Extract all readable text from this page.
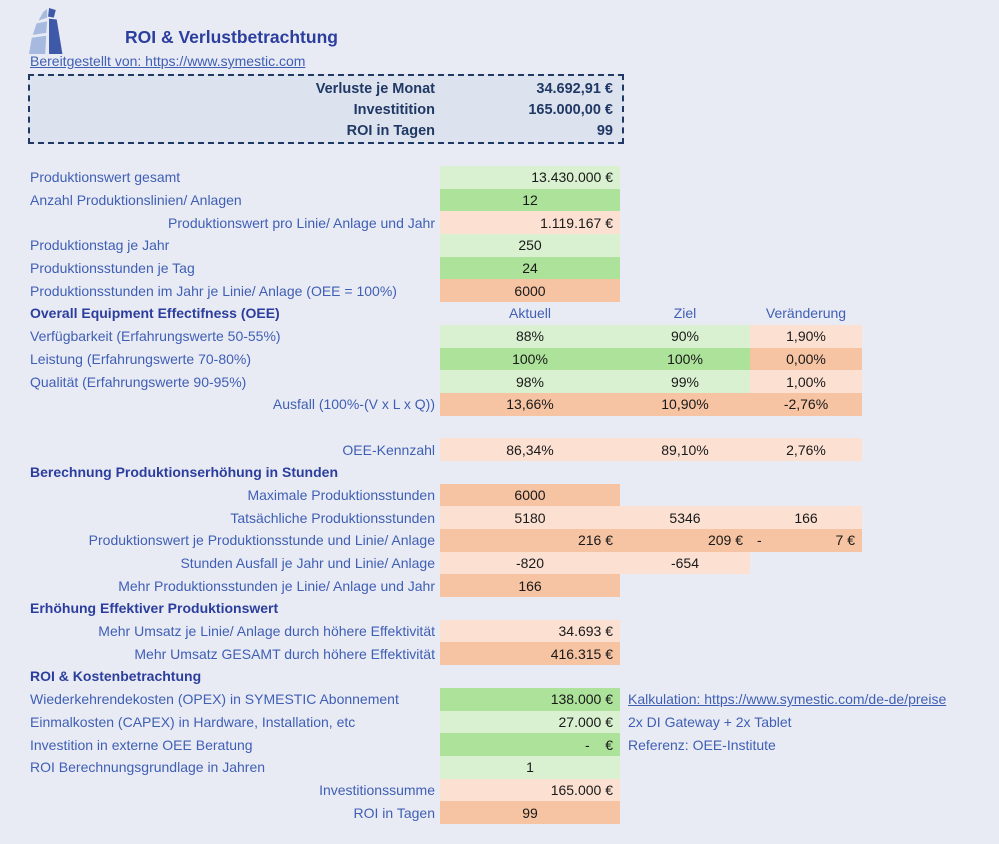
ROI & Verlustbetrachtung
Bereitgestellt von: https://www.symestic.com
Verluste je Monat	34.692,91 €
Investitition	165.000,00 €
ROI in Tagen	99
Produktionswert gesamt	13.430.000 €
Anzahl Produktionslinien/ Anlagen	12
Produktionswert pro Linie/ Anlage und Jahr	1.119.167 €
Produktionstag je Jahr	250
Produktionsstunden je Tag	24
Produktionsstunden im Jahr je Linie/ Anlage (OEE = 100%)	6000
Overall Equipment Effectifness (OEE)	Aktuell	Ziel	Veränderung
Verfügbarkeit (Erfahrungswerte 50-55%)	88%	90%	1,90%
Leistung (Erfahrungswerte 70-80%)	100%	100%	0,00%
Qualität (Erfahrungswerte 90-95%)	98%	99%	1,00%
Ausfall (100%-(V x L x Q))	13,66%	10,90%	-2,76%
OEE-Kennzahl	86,34%	89,10%	2,76%
Berechnung Produktionserhöhung in Stunden
Maximale Produktionsstunden	6000
Tatsächliche Produktionsstunden	5180	5346	166
Produktionswert je Produktionsstunde und Linie/ Anlage	216 €	209 €	-	7 €
Stunden Ausfall je Jahr und Linie/ Anlage	-820	-654
Mehr Produktionsstunden je Linie/ Anlage und Jahr	166
Erhöhung Effektiver Produktionswert
Mehr Umsatz je Linie/ Anlage durch höhere Effektivität	34.693 €
Mehr Umsatz GESAMT durch höhere Effektivität	416.315 €
ROI & Kostenbetrachtung
Wiederkehrendekosten (OPEX) in SYMESTIC Abonnement	138.000 €	Kalkulation: https://www.symestic.com/de-de/preise
Einmalkosten (CAPEX) in Hardware, Installation, etc	27.000 €	2x DI Gateway + 2x Tablet
Investition in externe OEE Beratung	-    €	Referenz: OEE-Institute
ROI Berechnungsgrundlage in Jahren	1
Investitionssumme	165.000 €
ROI in Tagen	99
